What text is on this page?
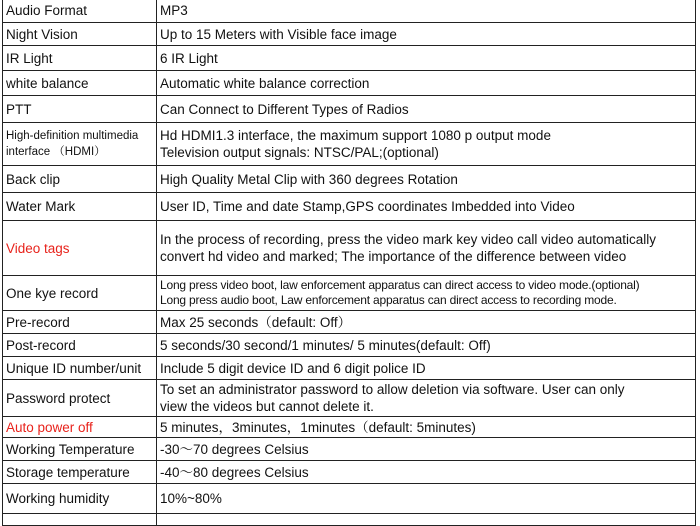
Audio Format	MP3

Night Vision	Up to 15 Meters with Visible face image

IR Light	6 IR Light

white balance	Automatic white balance correction

PTT	Can Connect to Different Types of Radios

High-definition multimedia interface （HDMI）	Hd HDMI1.3 interface, the maximum support 1080 p output mode
Television output signals: NTSC/PAL;(optional)

Back clip	High Quality Metal Clip with 360 degrees Rotation

Water Mark	User ID, Time and date Stamp,GPS coordinates Imbedded into Video

Video tags	In the process of recording, press the video mark key video call video automatically
convert hd video and marked; The importance of the difference between video

One kye record	Long press video boot, law enforcement apparatus can direct access to video mode.(optional)
Long press audio boot, Law enforcement apparatus can direct access to recording mode.

Pre-record	Max 25 seconds（default: Off）

Post-record	5 seconds/30 second/1 minutes/ 5 minutes(default: Off)

Unique ID number/unit	Include 5 digit device ID and 6 digit police ID

Password protect	To set an administrator password to allow deletion via software. User can only
view the videos but cannot delete it.

Auto power off	5 minutes，3minutes，1minutes（default: 5minutes)

Working Temperature	-30～70 degrees Celsius

Storage temperature	-40～80 degrees Celsius

Working humidity	10%~80%
